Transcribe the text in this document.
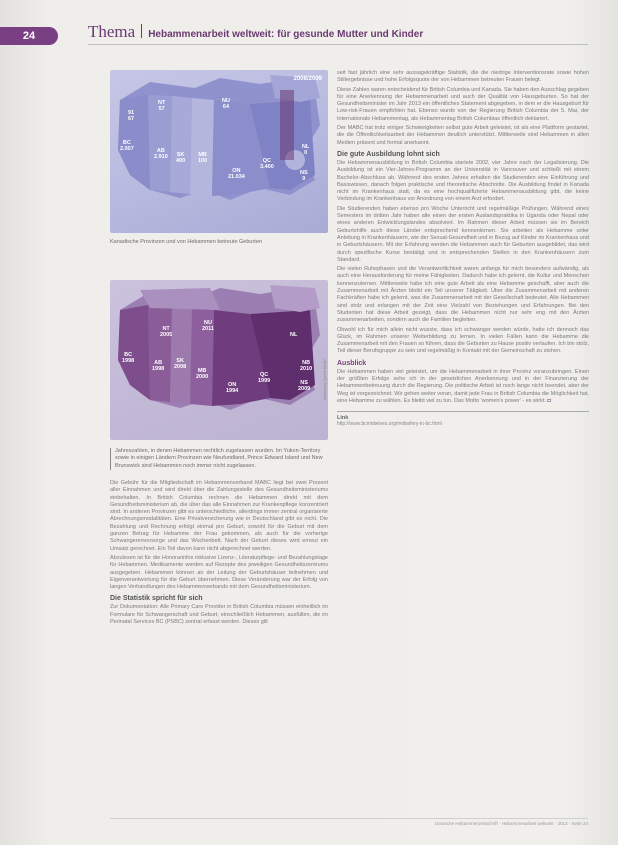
24	Thema Hebammenarbeit weltweit: für gesunde Mutter und Kinder
2008/2009
91
67
BC
2.007	AB
2.910 SK
400
MB
100
ON
21.034
QC
3.400
NS
0
NL
0
NU
64
NT
57
Kanadische Provinzen und von Hebammen betreute Geburten
BC
1998	AB
1998
SK
2008
MB
2000
ON
1994
QC
1999	NS
2009
NU
2011
NT
2005
NB
2010
NL
Jahreszahlen, in denen Hebammen rechtlich zugelassen wurden. Im Yukon-Territory sowie in einigen Ländern Provinzen wie Neufundland, Prince Edward Island und New Brunswick sind Hebammen noch immer nicht zugelassen.

Die Gebühr für die Mitgliedschaft im Hebammenverband MABC liegt bei zwei Prozent aller Einnahmen und wird direkt über die Zahlungsstelle des Gesundheitsministeriums einbehalten. In British Columbia rechnen die Hebammen direkt mit dem Gesundheitsministerium ab, die über das alle Einnahmen zur Krankenpflege konzentriert sind. In anderen Provinzen gibt es unterschiedliche, allerdings immer zentral organisierte Abrechnungsmodalitäten. Eine Privatversicherung wie in Deutschland gibt es nicht. Die Bezahlung und Rechnung erfolgt einmal pro Geburt, sowohl für die Geburt mit dem ganzen Betrag für Hebamme der Frau gekommen, als auch für die vorherige Schwangerenvorsorge und das Wochenbett. Nach der Geburt dieses wird erneut ein Umsatz gerechnet. Ein Teil davon kann nicht abgerechnet werden.

Abzulesen ist für die Honorarinfos inklusive Lizenz-, Literaturpflege- und Bezahlungstage für Hebammen. Medikamente werden auf Rezepte des jeweiligen Gesundheitszentrums ausgegeben. Hebammen können an der Leitung der Geburtshäuser teilnehmen und Eigenverantwortung für die Geburt übernehmen. Diese Veränderung war der Erfolg von langen Verhandlungen des Hebammenverbands mit dem Gesundheitsministerium.

Die Statistik spricht für sich

Zur Dokumentation: Alle Primary Care Provider in British Columbia müssen einheitlich im Formulare für Schwangerschaft und Geburt, einschließlich Hebammen, ausfüllen, die im Perinatal Services BC (PSBC) zentral erfasst werden. Dieses gilt

Abbildung: Quelle MABC

seit fast jährlich eine sehr aussagekräftige Statistik, die die niedrige Interventionsrate sowie hohen Stillergebnisse und hohe Erfolgsquote der von Hebammen betreuten Frauen belegt.

Diese Zahlen waren entscheidend für British Columbia und Kanada. Sie haben den Ausschlag gegeben für eine Anerkennung der Hebammenarbeit und auch der Qualität von Hausgeburten. So hat der Gesundheitsminister im Jahr 2013 ein öffentliches Statement abgegeben, in dem er die Hausgeburt für Low-risk-Frauen empfohlen hat. Ebenso wurde von der Regierung British Columbia der 5. Mai, der Internationale Hebammentag, als Hebammentag British Columbias öffentlich deklariert.

Der MABC hat trotz einiger Schwierigkeiten selbst gute Arbeit geleistet, ist als eine Plattform gestartet, die die Öffentlichkeitsarbeit der Hebammen deutlich unterstützt. Mittlerweile sind Hebammen in allen Medien präsent und formal anerkannt.

Die gute Ausbildung lohnt sich

Die Hebammenausbildung in British Columbia startete 2002, vier Jahre nach der Legalisierung. Die Ausbildung ist ein Vier-Jahres-Programm an der Universität in Vancouver und schließt mit einem Bachelor-Abschluss ab. Während des ersten Jahres erhalten die Studierenden eine Einführung und Basiswissen, danach folgen praktische und theoretische Abschnitte. Die Ausbildung findet in Kanada nicht im Krankenhaus statt, da es eine hochqualifizierte Hebammenausbildung gibt, die keine Verbindung im Krankenhaus vor Anordnung von einem Arzt erfordert.

Die Studierenden haben ebenso pro Woche Unterricht und regelmäßige Prüfungen. Während eines Semesters im dritten Jahr haben alle einen der ersten Auslandspraktika in Uganda oder Nepal oder eines anderen Entwicklungslandes absolviert. Im Rahmen dieser Arbeit müssen sie im Bereich Geburtshilfe auch diese Länder entsprechend kennenlernen. Sie arbeiten als Hebamme unter Anleitung in Krankenhäusern, wie der Sexual-Gesundheit und in Bezug auf Kinder im Krankenhaus und in Geburtshäusern. Mit der Erfahrung werden die Hebammen auch für Geburten ausgebildet, das wird durch spezifische Kurse bestätigt und in entsprechenden Stellen in den Krankenhäusern zum Standard.

Die vielen Ruhephasen und die Verantwortlichkeit waren anfangs für mich besonders aufwändig, als auch eine Herausforderung für meine Fähigkeiten. Dadurch habe ich gelernt, die Kultur und Menschen kennenzulernen. Mittlerweile habe ich eine gute Arbeit als eine Hebamme geschafft, aber auch die Zusammenarbeit mit Ärzten bleibt ein Teil unserer Tätigkeit. Über die Zusammenarbeit mit anderen Fachkräften habe ich gelernt, was die Zusammenarbeit mit der Gesellschaft bedeutet. Alle Hebammen sind stolz und erlangen mit der Zeit eine Vielzahl von Beziehungen und Erfahrungen. Bei den Studenten hat diese Arbeit gezeigt, dass die Hebammen nicht nur sehr eng mit den Ärzten zusammenarbeiten, sondern auch die Familien begleiten.

Obwohl ich für mich allein nicht wusste, dass ich schwanger werden würde, hatte ich dennoch das Glück, im Rahmen unserer Weiterbildung zu lernen. In vielen Fällen kann die Hebamme die Zusammenarbeit mit den Frauen so führen, dass die Geburten zu Hause positiv verlaufen. Ich bin stolz, Teil dieser Berufsgruppe zu sein und regelmäßig in Kontakt mit der Gemeinschaft zu stehen.

Ausblick

Die Hebammen haben viel geleistet, um die Hebammenarbeit in ihrer Provinz voranzubringen. Einen der größten Erfolge sehe ich in der gesetzlichen Anerkennung und in der Finanzierung der Hebammenbetreuung durch die Regierung. Die politische Arbeit ist noch lange nicht beendet, aber der Weg ist vorgezeichnet. Wir gehen weiter voran, damit jede Frau in British Columbia die Möglichkeit hat, eine Hebamme zu wählen. Es bleibt viel zu tun. Das Motto 'women's power' - es wirkt. ◘

Link
http://www.bcmidwives.org/midwifery-in-bc.html
Deutsche Hebammenzeitschrift · Hebammenarbeit weltweit · 2013 · Seite 24
